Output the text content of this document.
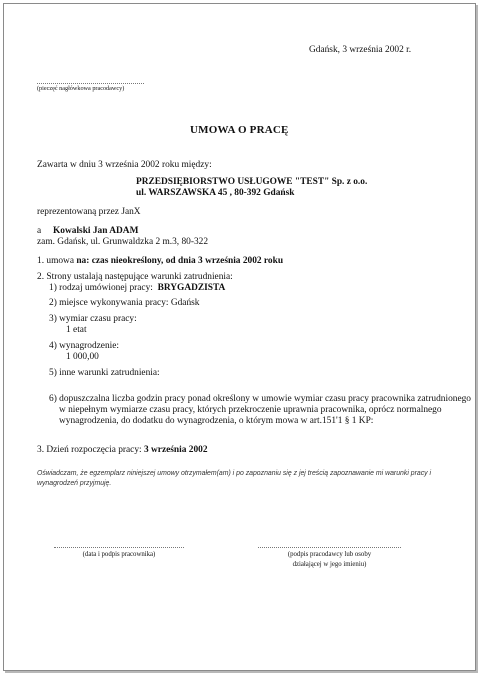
Gdańsk, 3 września 2002 r.
(pieczęć nagłówkowa pracodawcy)
UMOWA O PRACĘ
Zawarta w dniu 3 września 2002 roku między:
PRZEDSIĘBIORSTWO USŁUGOWE "TEST" Sp. z o.o.
ul. WARSZAWSKA 45 , 80-392 Gdańsk
reprezentowaną przez JanX
a Kowalski Jan ADAM
zam. Gdańsk, ul. Grunwaldzka 2 m.3, 80-322
1. umowa na: czas nieokreślony, od dnia 3 września 2002 roku
2. Strony ustalają następujące warunki zatrudnienia:
1) rodzaj umówionej pracy: BRYGADZISTA
2) miejsce wykonywania pracy: Gdańsk
3) wymiar czasu pracy:
1 etat
4) wynagrodzenie:
1 000,00
5) inne warunki zatrudnienia:
6) dopuszczalna liczba godzin pracy ponad określony w umowie wymiar czasu pracy pracownika zatrudnionego
w niepełnym wymiarze czasu pracy, których przekroczenie uprawnia pracownika, oprócz normalnego
wynagrodzenia, do dodatku do wynagrodzenia, o którym mowa w art.151'1 § 1 KP:
3. Dzień rozpoczęcia pracy: 3 września 2002
Oświadczam, że egzemplarz niniejszej umowy otrzymałem(am) i po zapoznaniu się z jej treścią zapoznawanie mi warunki pracy i wynagrodzeń przyjmuję.
(data i podpis pracownika)	(podpis pracodawcy lub osoby
działającej w jego imieniu)
